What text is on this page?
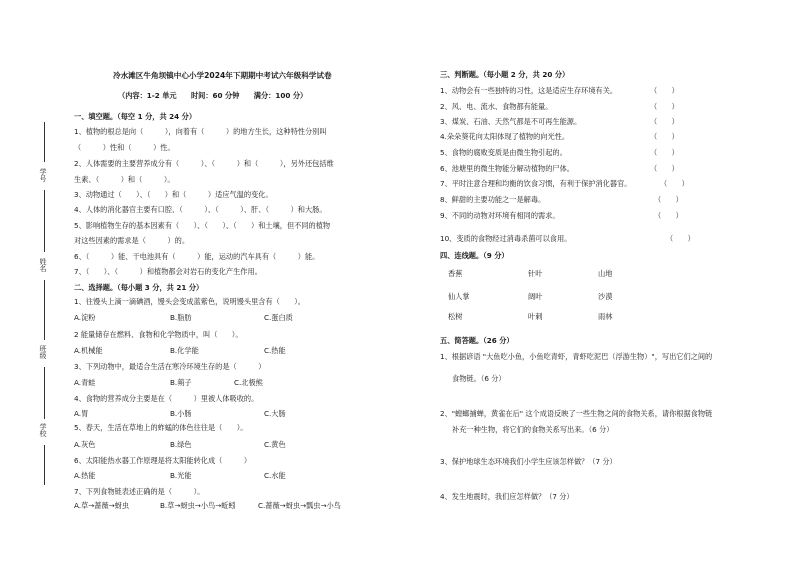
冷水滩区牛角坝镇中心小学2024年下期期中考试六年级科学试卷
（内容：1-2 单元　　时间：60 分钟　　满分：100 分）
学号
姓名
班级
学校
一、填空题。（每空 1 分，共 24 分）
1、植物的根总是向（　　　），向着有（　　　）的地方生长，这种特性分别叫
（　　　）性和（　　　）性。
2、人体需要的主要营养成分有（　　　）、（　　　）和（　　　），另外还包括维
生素、（　　　）和（　　　）。
3、动物通过（　　）、（　　）和（　　　）适应气温的变化。
4、人体的消化器官主要有口腔、（　　　）、（　　　）、肝、（　　　）和大肠。
5、影响植物生存的基本因素有（　　）、（　　）、（　　）和土壤，但不同的植物
对这些因素的需求是（　　　）的。
6、（　　　）能、干电池具有（　　　）能，运动的汽车具有（　　　）能。
7、（　　）、（　　　）和植物都会对岩石的变化产生作用。
二、选择题。（每小题 3 分，共 21 分）
1、往馒头上滴一滴碘酒，馒头会变成蓝紫色，说明馒头里含有（　　）。
A.淀粉	B.脂肪	C.蛋白质
2 能量储存在燃料、食物和化学物质中，叫（　　）。
A.机械能	B.化学能	C.热能
3、下列动物中，最适合生活在寒冷环境生存的是（　　　）
A.青蛙	B.蒴子	C.北极熊
4、食物的营养成分主要是在（　　　）里被人体吸收的。
A.胃	B.小肠	C.大肠
5、春天，生活在草地上的蚱蜢的体色往往是（　　）。
A.灰色	B.绿色	C.黄色
6、太阳能热水器工作原理是将太阳能转化成（　　　）
A.热能	B.光能	C.水能
7、下列食物链表述正确的是（　　　）。
A.草→蔷薇→蚜虫	B.草→蚜虫→小鸟→蚯蚓	C.蔷薇→蚜虫→瓢虫→小鸟
三、判断题。（每小题 2 分，共 20 分）
1、动物会有一些独特的习性，这是适应生存环境有关。	（　　）
2、风、电、流水、食物都有能量。	（　　）
3、煤炭、石油、天然气都是不可再生能源。	（　　）
4.朵朵葵花向太阳体现了植物的向光性。	（　　）
5、食物的腐败变质是由微生物引起的。	（　　）
6、池塘里的微生物能分解动植物的尸体。	（　　）
7、平时注意合理和均衡的饮食习惯，有利于保护消化器官。	（　　）
8、鲜甜的主要功能之一是解毒。	（　　）
9、不同的动物对环境有相同的需求。	（　　）
10、变质的食物经过消毒杀菌可以食用。	（　　）
四、连线题。（9 分）
香蕉	针叶	山地
仙人掌	阔叶	沙漠
松树	叶刺	雨林
五、简答题。（26 分）
1、根据谚语 "大鱼吃小鱼，小鱼吃青虾，青虾吃泥巴（浮游生物）"，写出它们之间的
食物链。（6 分）
2、"螳螂捕蝉，黄雀在后" 这个成语反映了一些生物之间的食物关系，请你根据食物链
补充一种生物，将它们的食物关系写出来。（6 分）
3、保护地球生态环境我们小学生应该怎样做？（7 分）
4、发生地震时，我们应怎样做？（7 分）
